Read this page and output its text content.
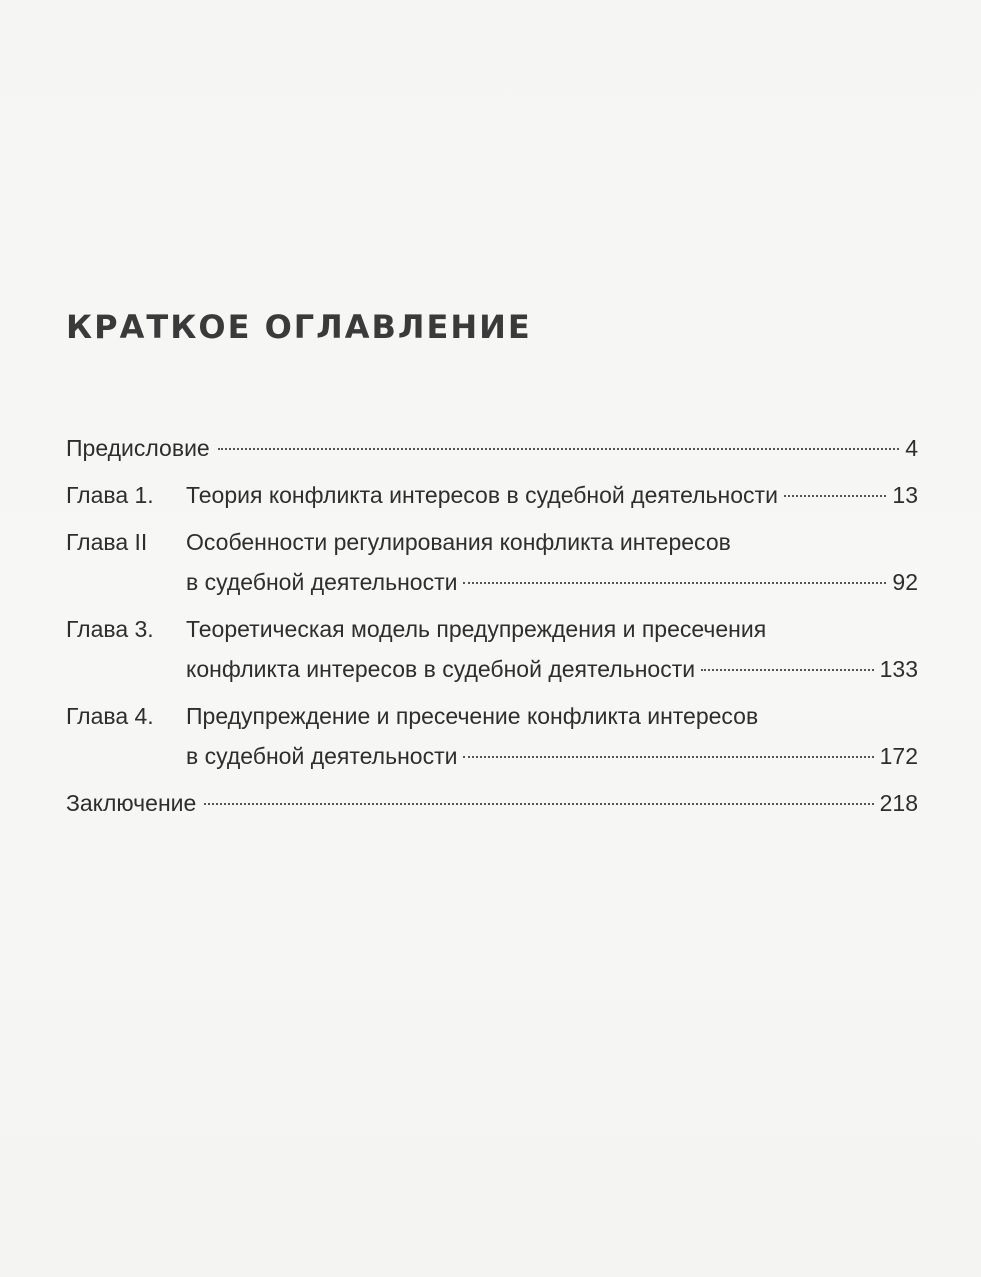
КРАТКОЕ ОГЛАВЛЕНИЕ
Предисловие	4
Глава 1.	Теория конфликта интересов в судебной деятельности	13
Глава II	Особенности регулирования конфликта интересов
в судебной деятельности	92
Глава 3.	Теоретическая модель предупреждения и пресечения
конфликта интересов в судебной деятельности	133
Глава 4.	Предупреждение и пресечение конфликта интересов
в судебной деятельности	172
Заключение	218
